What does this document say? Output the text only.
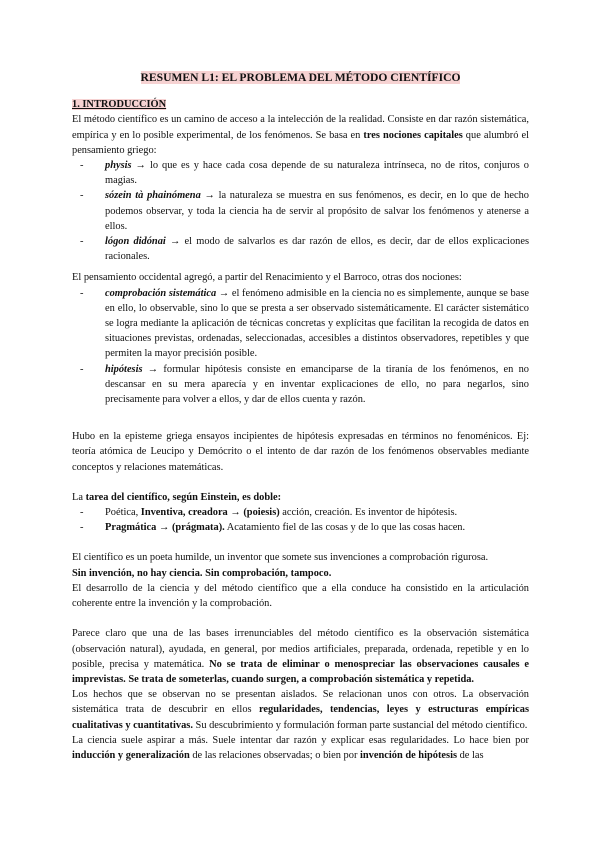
RESUMEN L1: EL PROBLEMA DEL MÉTODO CIENTÍFICO
1. INTRODUCCIÓN

El método científico es un camino de acceso a la intelección de la realidad. Consiste en dar razón sistemática, empírica y en lo posible experimental, de los fenómenos. Se basa en tres nociones capitales que alumbró el pensamiento griego:

- physis → lo que es y hace cada cosa depende de su naturaleza intrínseca, no de ritos, conjuros o magias.
- sózein tà phainómena → la naturaleza se muestra en sus fenómenos, es decir, en lo que de hecho podemos observar, y toda la ciencia ha de servir al propósito de salvar los fenómenos y atenerse a ellos.
- lógon didónai → el modo de salvarlos es dar razón de ellos, es decir, dar de ellos explicaciones racionales.

El pensamiento occidental agregó, a partir del Renacimiento y el Barroco, otras dos nociones:

- comprobación sistemática → el fenómeno admisible en la ciencia no es simplemente, aunque se base en ello, lo observable, sino lo que se presta a ser observado sistemáticamente. El carácter sistemático se logra mediante la aplicación de técnicas concretas y explícitas que facilitan la recogida de datos en situaciones previstas, ordenadas, seleccionadas, accesibles a distintos observadores, repetibles y que permiten la mayor precisión posible.
- hipótesis → formular hipótesis consiste en emanciparse de la tiranía de los fenómenos, en no descansar en su mera aparecía y en inventar explicaciones de ello, no para negarlos, sino precisamente para volver a ellos, y dar de ellos cuenta y razón.

Hubo en la episteme griega ensayos incipientes de hipótesis expresadas en términos no fenoménicos. Ej: teoría atómica de Leucipo y Demócrito o el intento de dar razón de los fenómenos observables mediante conceptos y relaciones matemáticas.

La tarea del científico, según Einstein, es doble:

- Poética, Inventiva, creadora → (poiesis) acción, creación. Es inventor de hipótesis.
- Pragmática → (prágmata). Acatamiento fiel de las cosas y de lo que las cosas hacen.

El científico es un poeta humilde, un inventor que somete sus invenciones a comprobación rigurosa.
Sin invención, no hay ciencia. Sin comprobación, tampoco.

El desarrollo de la ciencia y del método científico que a ella conduce ha consistido en la articulación coherente entre la invención y la comprobación.

Parece claro que una de las bases irrenunciables del método científico es la observación sistemática (observación natural), ayudada, en general, por medios artificiales, preparada, ordenada, repetible y en lo posible, precisa y matemática. No se trata de eliminar o menospreciar las observaciones causales e imprevistas. Se trata de someterlas, cuando surgen, a comprobación sistemática y repetida.

Los hechos que se observan no se presentan aislados. Se relacionan unos con otros. La observación sistemática trata de descubrir en ellos regularidades, tendencias, leyes y estructuras empíricas cualitativas y cuantitativas. Su descubrimiento y formulación forman parte sustancial del método científico.

La ciencia suele aspirar a más. Suele intentar dar razón y explicar esas regularidades. Lo hace bien por inducción y generalización de las relaciones observadas; o bien por invención de hipótesis de las
